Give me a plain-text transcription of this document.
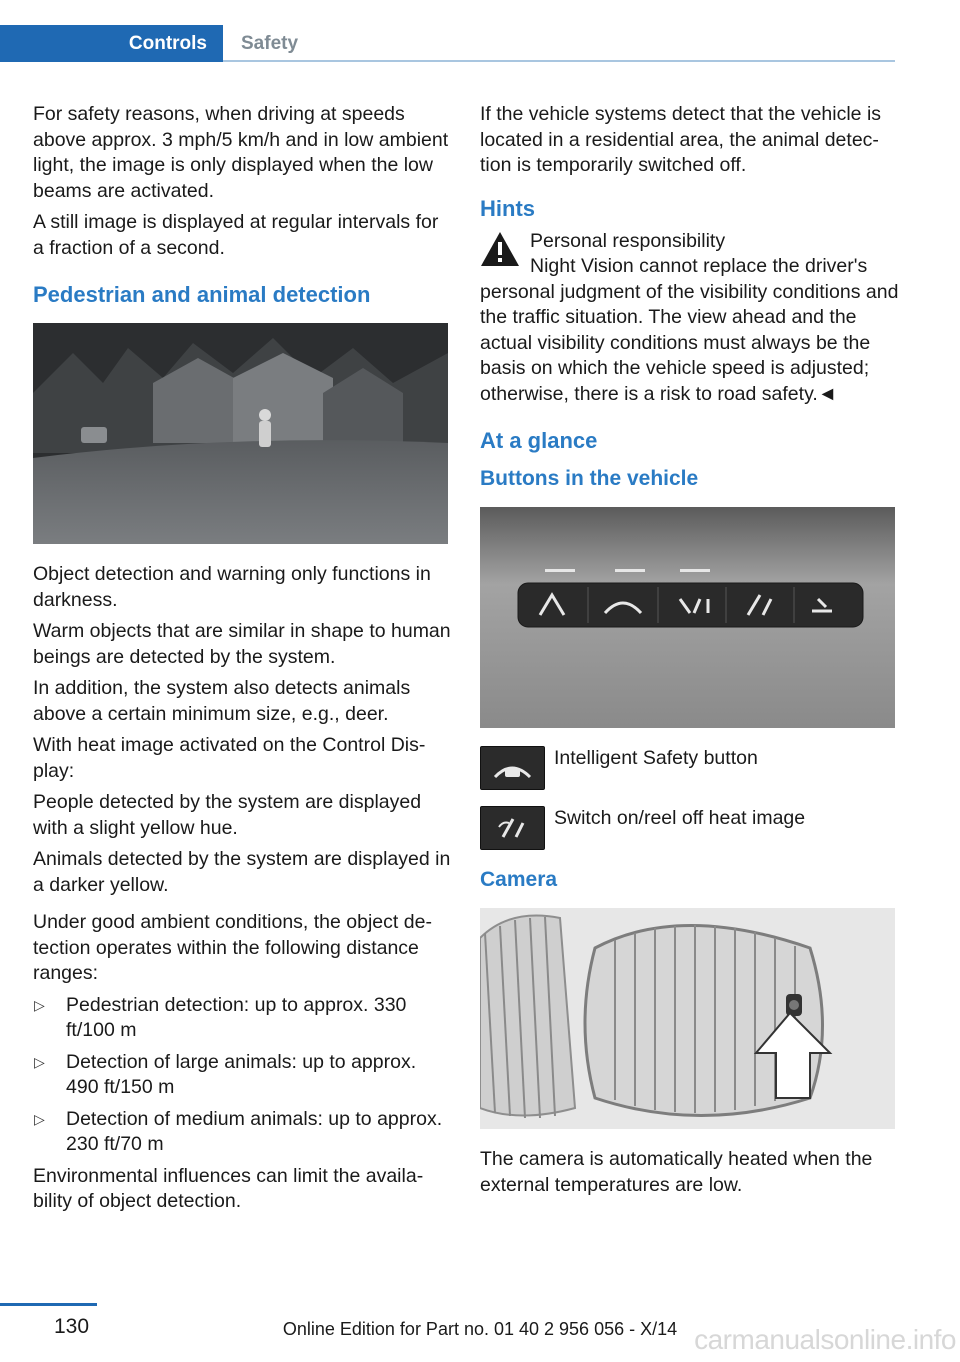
Controls	Safety

For safety reasons, when driving at speeds above approx. 3 mph/5 km/h and in low ambient light, the image is only displayed when the low beams are activated.

A still image is displayed at regular intervals for a fraction of a second.

Pedestrian and animal detection

Object detection and warning only functions in darkness.

Warm objects that are similar in shape to human beings are detected by the system.

In addition, the system also detects animals above a certain minimum size, e.g., deer.

With heat image activated on the Control Display:

People detected by the system are displayed with a slight yellow hue.

Animals detected by the system are displayed in a darker yellow.

Under good ambient conditions, the object detection operates within the following distance ranges:

▷ Pedestrian detection: up to approx. 330 ft/100 m
▷ Detection of large animals: up to approx. 490 ft/150 m
▷ Detection of medium animals: up to approx. 230 ft/70 m

Environmental influences can limit the availability of object detection.

If the vehicle systems detect that the vehicle is located in a residential area, the animal detection is temporarily switched off.

Hints
Personal responsibility
Night Vision cannot replace the driver's
personal judgment of the visibility conditions and the traffic situation. The view ahead and the actual visibility conditions must always be the basis on which the vehicle speed is adjusted; otherwise, there is a risk to road safety.◄
At a glance
Buttons in the vehicle
Intelligent Safety button
Switch on/reel off heat image
Camera

The camera is automatically heated when the external temperatures are low.

130	Online Edition for Part no. 01 40 2 956 056 - X/14 carmanualsonline.info
